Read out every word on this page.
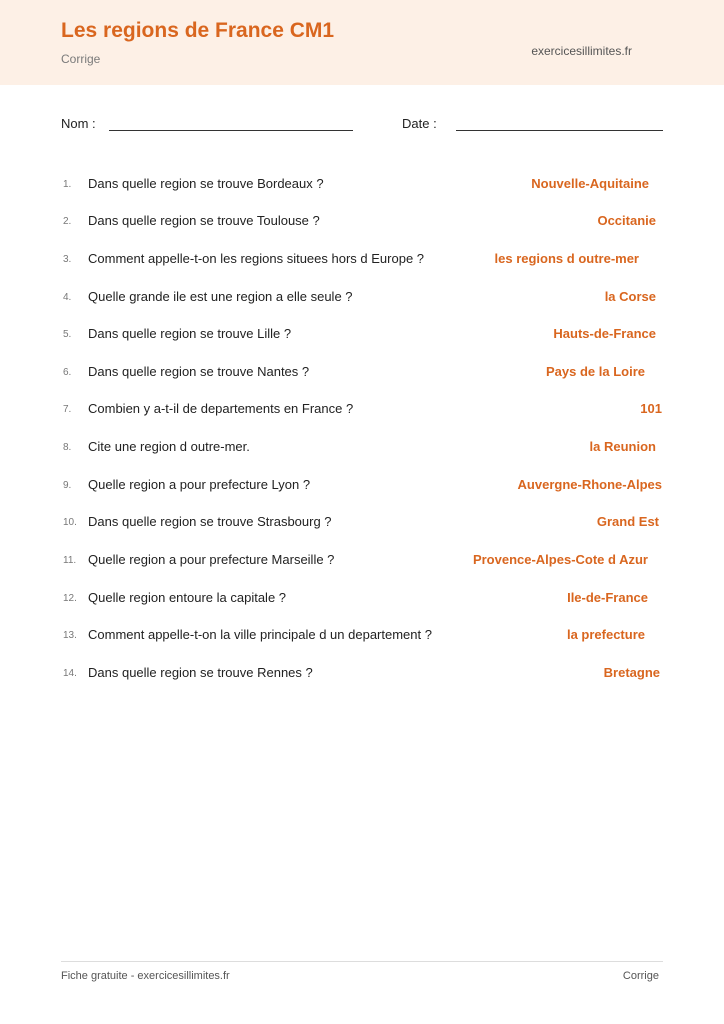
Les regions de France CM1
Corrige
exercicesillimites.fr
Nom :	Date :
1. Dans quelle region se trouve Bordeaux ?	Nouvelle-Aquitaine
2. Dans quelle region se trouve Toulouse ?	Occitanie
3. Comment appelle-t-on les regions situees hors d Europe ?	les regions d outre-mer
4. Quelle grande ile est une region a elle seule ?	la Corse
5. Dans quelle region se trouve Lille ?	Hauts-de-France
6. Dans quelle region se trouve Nantes ?	Pays de la Loire
7. Combien y a-t-il de departements en France ?	101
8. Cite une region d outre-mer.	la Reunion
9. Quelle region a pour prefecture Lyon ?	Auvergne-Rhone-Alpes
10. Dans quelle region se trouve Strasbourg ?	Grand Est
11. Quelle region a pour prefecture Marseille ?	Provence-Alpes-Cote d Azur
12. Quelle region entoure la capitale ?	Ile-de-France
13. Comment appelle-t-on la ville principale d un departement ?	la prefecture
14. Dans quelle region se trouve Rennes ?	Bretagne
Fiche gratuite - exercicesillimites.fr	Corrige
